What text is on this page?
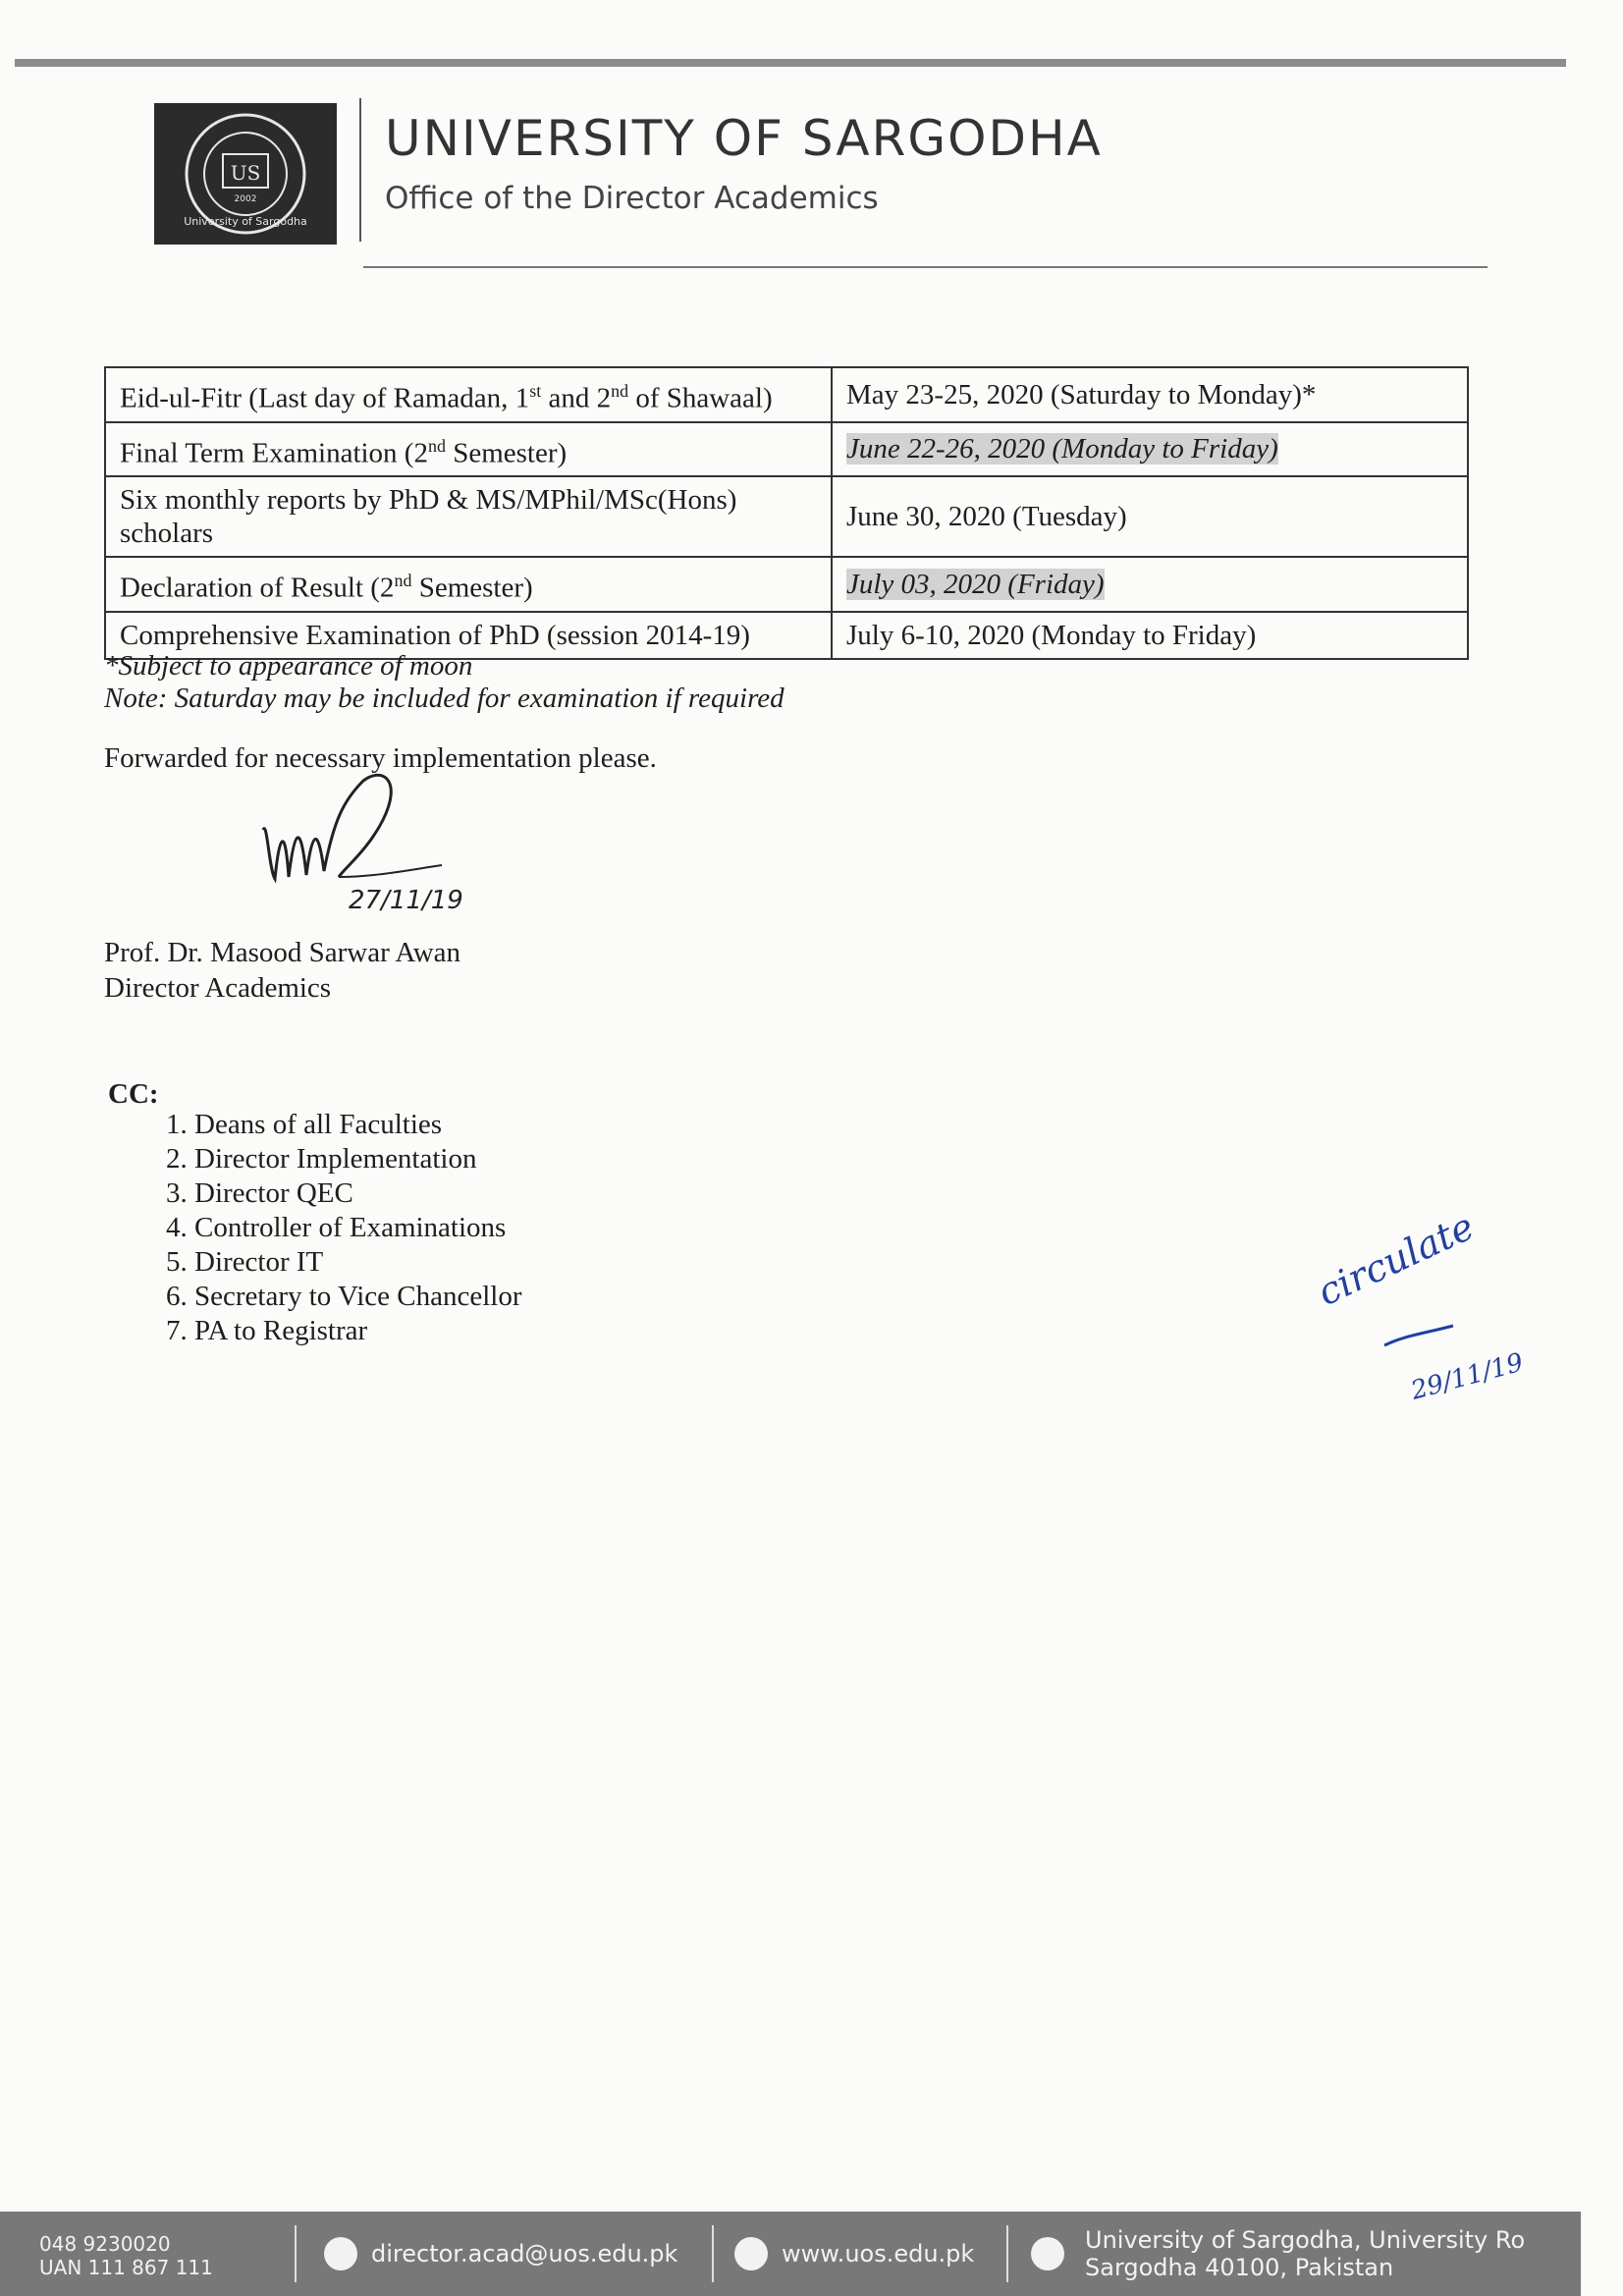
US
2002
University of Sargodha
UNIVERSITY OF SARGODHA
Office of the Director Academics
Eid-ul-Fitr (Last day of Ramadan, 1st and 2nd of Shawaal)	May 23-25, 2020 (Saturday to Monday)*
Final Term Examination (2nd Semester)	June 22-26, 2020 (Monday to Friday)
Six monthly reports by PhD & MS/MPhil/MSc(Hons) scholars	June 30, 2020 (Tuesday)
Declaration of Result (2nd Semester)	July 03, 2020 (Friday)
Comprehensive Examination of PhD (session 2014-19)	July 6-10, 2020 (Monday to Friday)
*Subject to appearance of moon
Note: Saturday may be included for examination if required
Forwarded for necessary implementation please.
27/11/19
Prof. Dr. Masood Sarwar Awan
Director Academics
CC:
1. Deans of all Faculties
2. Director Implementation
3. Director QEC
4. Controller of Examinations
5. Director IT
6. Secretary to Vice Chancellor
7. PA to Registrar
circulate
29/11/19
048 9230020
UAN 111 867 111	director.acad@uos.edu.pk	www.uos.edu.pk	University of Sargodha, University Ro
Sargodha 40100, Pakistan
